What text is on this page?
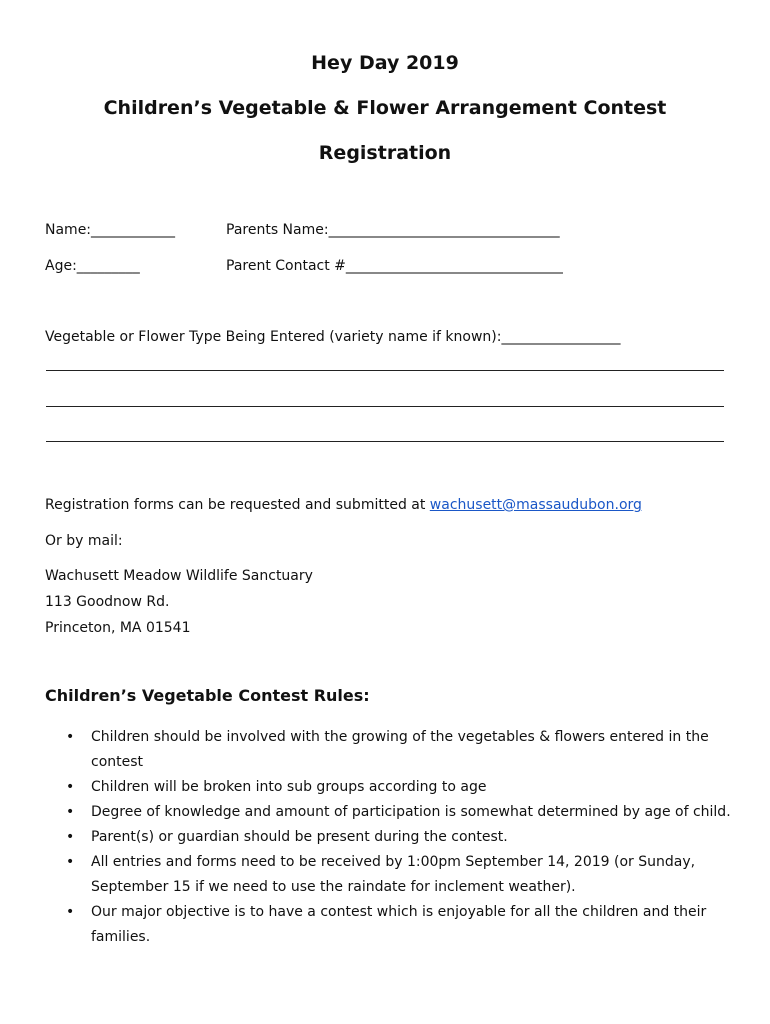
Hey Day 2019
Children’s Vegetable & Flower Arrangement Contest
Registration
Name:____________	Parents Name:_________________________________
Age:_________	Parent Contact #_______________________________
Vegetable or Flower Type Being Entered (variety name if known):_________________
Registration forms can be requested and submitted at wachusett@massaudubon.org
Or by mail:
Wachusett Meadow Wildlife Sanctuary
113 Goodnow Rd.
Princeton, MA 01541
Children’s Vegetable Contest Rules:
• Children should be involved with the growing of the vegetables & flowers entered in the contest
• Children will be broken into sub groups according to age
• Degree of knowledge and amount of participation is somewhat determined by age of child.
• Parent(s) or guardian should be present during the contest.
• All entries and forms need to be received by 1:00pm September 14, 2019 (or Sunday, September 15 if we need to use the raindate for inclement weather).
• Our major objective is to have a contest which is enjoyable for all the children and their families.
